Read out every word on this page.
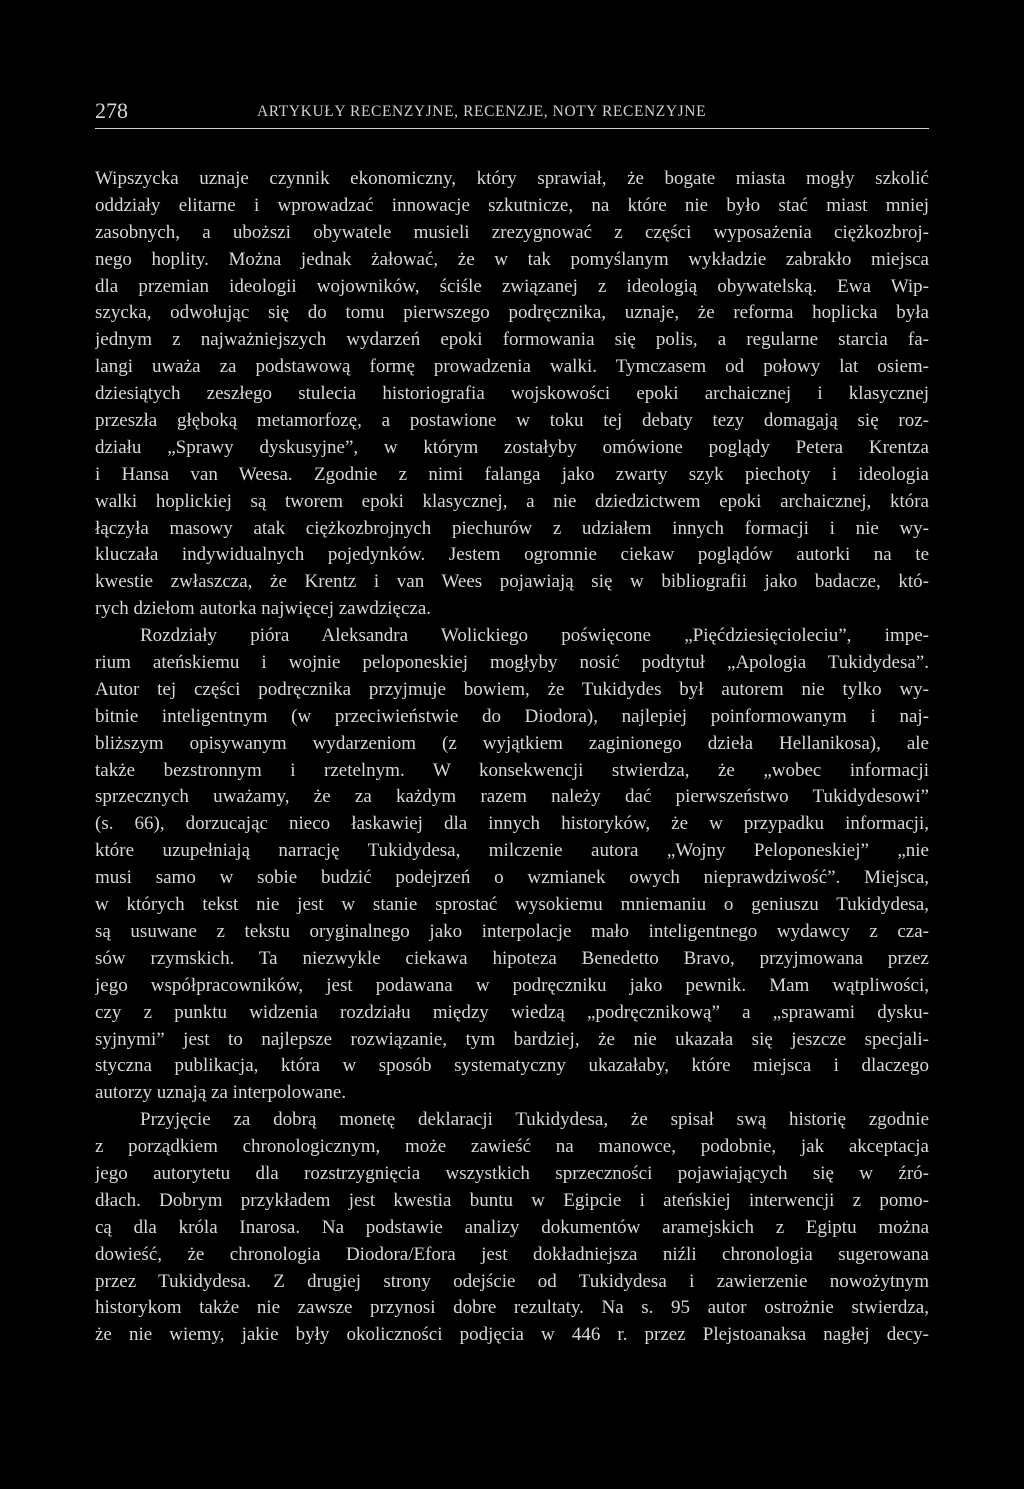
278	ARTYKUŁY RECENZYJNE, RECENZJE, NOTY RECENZYJNE
Wipszycka uznaje czynnik ekonomiczny, który sprawiał, że bogate miasta mogły szkolić
oddziały elitarne i wprowadzać innowacje szkutnicze, na które nie było stać miast mniej
zasobnych, a uboższi obywatele musieli zrezygnować z części wyposażenia ciężkozbroj-
nego hoplity. Można jednak żałować, że w tak pomyślanym wykładzie zabrakło miejsca
dla przemian ideologii wojowników, ściśle związanej z ideologią obywatelską. Ewa Wip-
szycka, odwołując się do tomu pierwszego podręcznika, uznaje, że reforma hoplicka była
jednym z najważniejszych wydarzeń epoki formowania się polis, a regularne starcia fa-
langi uważa za podstawową formę prowadzenia walki. Tymczasem od połowy lat osiem-
dziesiątych zeszłego stulecia historiografia wojskowości epoki archaicznej i klasycznej
przeszła głęboką metamorfozę, a postawione w toku tej debaty tezy domagają się roz-
działu „Sprawy dyskusyjne”, w którym zostałyby omówione poglądy Petera Krentza
i Hansa van Weesa. Zgodnie z nimi falanga jako zwarty szyk piechoty i ideologia
walki hoplickiej są tworem epoki klasycznej, a nie dziedzictwem epoki archaicznej, która
łączyła masowy atak ciężkozbrojnych piechurów z udziałem innych formacji i nie wy-
kluczała indywidualnych pojedynków. Jestem ogromnie ciekaw poglądów autorki na te
kwestie zwłaszcza, że Krentz i van Wees pojawiają się w bibliografii jako badacze, któ-
rych dziełom autorka najwięcej zawdzięcza.
Rozdziały pióra Aleksandra Wolickiego poświęcone „Pięćdziesięcioleciu”, impe-
rium ateńskiemu i wojnie peloponeskiej mogłyby nosić podtytuł „Apologia Tukidydesa”.
Autor tej części podręcznika przyjmuje bowiem, że Tukidydes był autorem nie tylko wy-
bitnie inteligentnym (w przeciwieństwie do Diodora), najlepiej poinformowanym i naj-
bliższym opisywanym wydarzeniom (z wyjątkiem zaginionego dzieła Hellanikosa), ale
także bezstronnym i rzetelnym. W konsekwencji stwierdza, że „wobec informacji
sprzecznych uważamy, że za każdym razem należy dać pierwszeństwo Tukidydesowi”
(s. 66), dorzucając nieco łaskawiej dla innych historyków, że w przypadku informacji,
które uzupełniają narrację Tukidydesa, milczenie autora „Wojny Peloponeskiej” „nie
musi samo w sobie budzić podejrzeń o wzmianek owych nieprawdziwość”. Miejsca,
w których tekst nie jest w stanie sprostać wysokiemu mniemaniu o geniuszu Tukidydesa,
są usuwane z tekstu oryginalnego jako interpolacje mało inteligentnego wydawcy z cza-
sów rzymskich. Ta niezwykle ciekawa hipoteza Benedetto Bravo, przyjmowana przez
jego współpracowników, jest podawana w podręczniku jako pewnik. Mam wątpliwości,
czy z punktu widzenia rozdziału między wiedzą „podręcznikową” a „sprawami dysku-
syjnymi” jest to najlepsze rozwiązanie, tym bardziej, że nie ukazała się jeszcze specjali-
styczna publikacja, która w sposób systematyczny ukazałaby, które miejsca i dlaczego
autorzy uznają za interpolowane.
Przyjęcie za dobrą monetę deklaracji Tukidydesa, że spisał swą historię zgodnie
z porządkiem chronologicznym, może zawieść na manowce, podobnie, jak akceptacja
jego autorytetu dla rozstrzygnięcia wszystkich sprzeczności pojawiających się w źró-
dłach. Dobrym przykładem jest kwestia buntu w Egipcie i ateńskiej interwencji z pomo-
cą dla króla Inarosa. Na podstawie analizy dokumentów aramejskich z Egiptu można
dowieść, że chronologia Diodora/Efora jest dokładniejsza niźli chronologia sugerowana
przez Tukidydesa. Z drugiej strony odejście od Tukidydesa i zawierzenie nowożytnym
historykom także nie zawsze przynosi dobre rezultaty. Na s. 95 autor ostrożnie stwierdza,
że nie wiemy, jakie były okoliczności podjęcia w 446 r. przez Plejstoanaksa nagłej decy-
